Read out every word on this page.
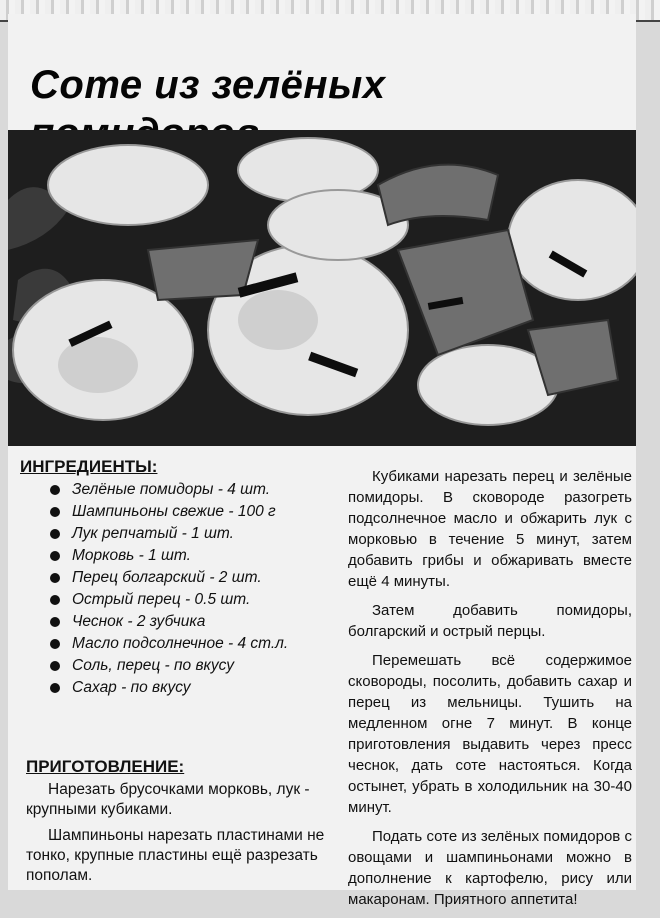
Соте из зелёных
ИНГРЕДИЕНТЫ:
Зелёные помидоры - 4 шт.
Шампиньоны свежие - 100 г
Лук репчатый - 1 шт.
Морковь - 1 шт.
Перец болгарский - 2 шт.
Острый перец - 0.5 шт.
Чеснок - 2 зубчика
Масло подсолнечное - 4 ст.л.
Соль, перец - по вкусу
Сахар - по вкусу
ПРИГОТОВЛЕНИЕ:

Нарезать брусочками морковь, лук - крупными кубиками.

Шампиньоны нарезать пластинами не тонко, крупные пластины ещё разрезать пополам.

Кубиками нарезать перец и зелёные помидоры. В сковороде разогреть подсолнечное масло и обжарить лук с морковью в течение 5 минут, затем добавить грибы и обжаривать вместе ещё 4 минуты.

Затем добавить помидоры, болгарский и острый перцы.

Перемешать всё содержимое сковороды, посолить, добавить сахар и перец из мельницы. Тушить на медленном огне 7 минут. В конце приготовления выдавить через пресс чеснок, дать соте настояться. Когда остынет, убрать в холодильник на 30-40 минут.

Подать соте из зелёных помидоров с овощами и шампиньонами можно в дополнение к картофелю, рису или макаронам. Приятного аппетита!
